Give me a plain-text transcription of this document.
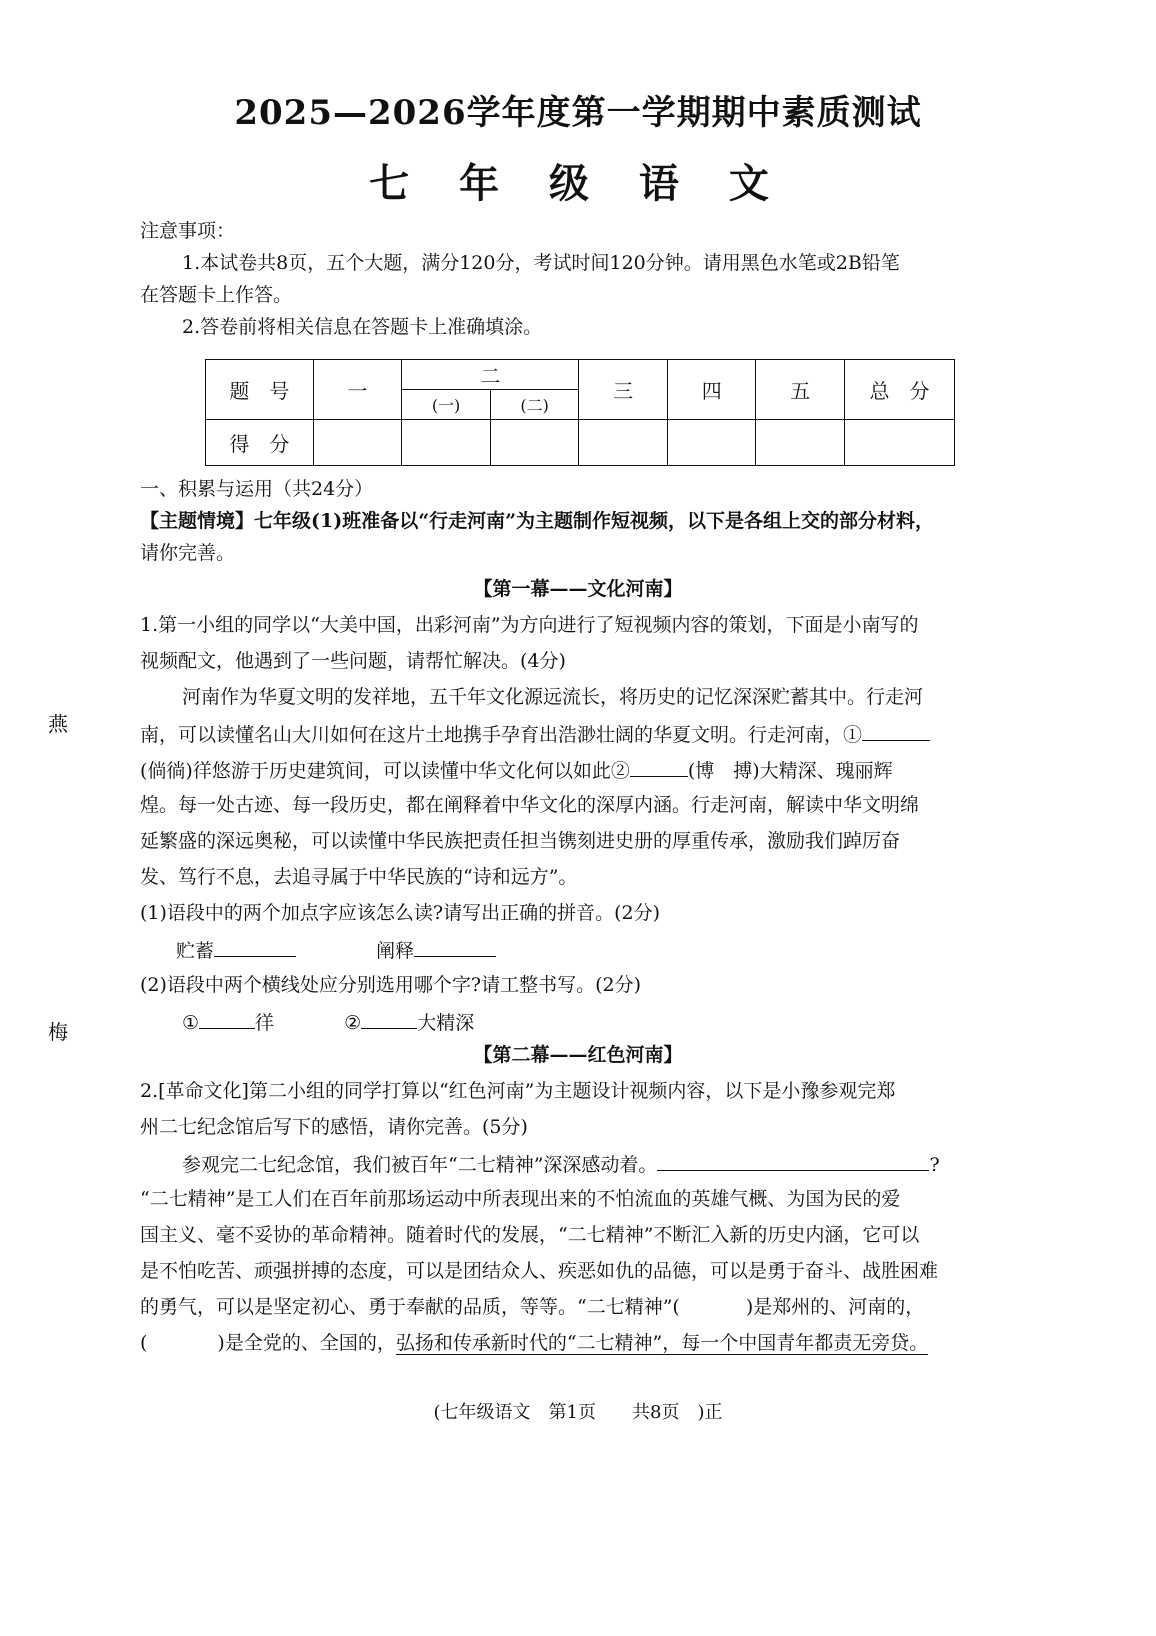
2025—2026学年度第一学期期中素质测试
七 年 级 语 文
注意事项：
1.本试卷共8页，五个大题，满分120分，考试时间120分钟。请用黑色水笔或2B铅笔
在答题卡上作答。
2.答卷前将相关信息在答题卡上准确填涂。
题　号	一	二		三	四	五	总　分
		(一)	(二)				
得　分							
一、积累与运用（共24分）
【主题情境】七年级(1)班准备以“行走河南”为主题制作短视频，以下是各组上交的部分材料，
请你完善。
【第一幕——文化河南】
1.第一小组的同学以“大美中国，出彩河南”为方向进行了短视频内容的策划，下面是小南写的
视频配文，他遇到了一些问题，请帮忙解决。(4分)
河南作为华夏文明的发祥地，五千年文化源远流长，将历史的记忆深深贮蓄其中。行走河
南，可以读懂名山大川如何在这片土地携手孕育出浩渺壮阔的华夏文明。行走河南，①
(倘徜)徉悠游于历史建筑间，可以读懂中华文化何以如此②	(博　搏)大精深、瑰丽辉
煌。每一处古迹、每一段历史，都在阐释着中华文化的深厚内涵。行走河南，解读中华文明绵
延繁盛的深远奥秘，可以读懂中华民族把责任担当镌刻进史册的厚重传承，激励我们踔厉奋
发、笃行不息，去追寻属于中华民族的“诗和远方”。
(1)语段中的两个加点字应该怎么读?请写出正确的拼音。(2分)
贮蓄	阐释
(2)语段中两个横线处应分别选用哪个字?请工整书写。(2分)
①	徉	②	大精深
【第二幕——红色河南】
2.[革命文化]第二小组的同学打算以“红色河南”为主题设计视频内容，以下是小豫参观完郑
州二七纪念馆后写下的感悟，请你完善。(5分)
参观完二七纪念馆，我们被百年“二七精神”深深感动着。	?
“二七精神”是工人们在百年前那场运动中所表现出来的不怕流血的英雄气概、为国为民的爱
国主义、毫不妥协的革命精神。随着时代的发展，“二七精神”不断汇入新的历史内涵，它可以
是不怕吃苦、顽强拼搏的态度，可以是团结众人、疾恶如仇的品德，可以是勇于奋斗、战胜困难
的勇气，可以是坚定初心、勇于奉献的品质，等等。“二七精神”(	)是郑州的、河南的，
(	)是全党的、全国的，弘扬和传承新时代的“二七精神”，每一个中国青年都责无旁贷。
(七年级语文　第1页　　共8页　)正
燕
梅
